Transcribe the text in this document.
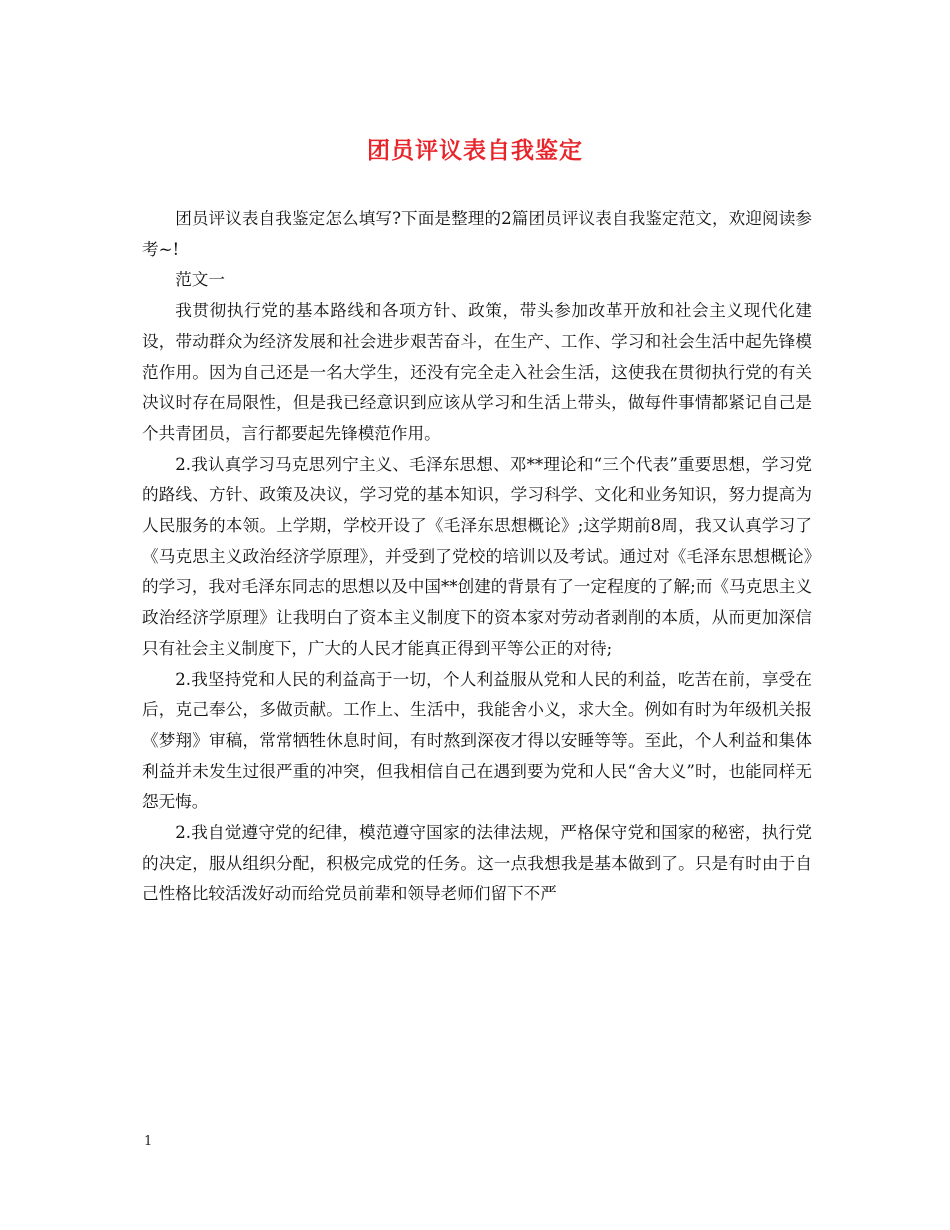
团员评议表自我鉴定

团员评议表自我鉴定怎么填写?下面是整理的2篇团员评议表自我鉴定范文，欢迎阅读参考~!

范文一

我贯彻执行党的基本路线和各项方针、政策，带头参加改革开放和社会主义现代化建设，带动群众为经济发展和社会进步艰苦奋斗，在生产、工作、学习和社会生活中起先锋模范作用。因为自己还是一名大学生，还没有完全走入社会生活，这使我在贯彻执行党的有关决议时存在局限性，但是我已经意识到应该从学习和生活上带头，做每件事情都紧记自己是个共青团员，言行都要起先锋模范作用。

2.我认真学习马克思列宁主义、毛泽东思想、邓**理论和“三个代表”重要思想，学习党的路线、方针、政策及决议，学习党的基本知识，学习科学、文化和业务知识，努力提高为人民服务的本领。上学期，学校开设了《毛泽东思想概论》;这学期前8周，我又认真学习了《马克思主义政治经济学原理》，并受到了党校的培训以及考试。通过对《毛泽东思想概论》的学习，我对毛泽东同志的思想以及中国**创建的背景有了一定程度的了解;而《马克思主义政治经济学原理》让我明白了资本主义制度下的资本家对劳动者剥削的本质，从而更加深信只有社会主义制度下，广大的人民才能真正得到平等公正的对待;

2.我坚持党和人民的利益高于一切，个人利益服从党和人民的利益，吃苦在前，享受在后，克己奉公，多做贡献。工作上、生活中，我能舍小义，求大全。例如有时为年级机关报《梦翔》审稿，常常牺牲休息时间，有时熬到深夜才得以安睡等等。至此，个人利益和集体利益并未发生过很严重的冲突，但我相信自己在遇到要为党和人民“舍大义”时，也能同样无怨无悔。

2.我自觉遵守党的纪律，模范遵守国家的法律法规，严格保守党和国家的秘密，执行党的决定，服从组织分配，积极完成党的任务。这一点我想我是基本做到了。只是有时由于自己性格比较活泼好动而给党员前辈和领导老师们留下不严

1
